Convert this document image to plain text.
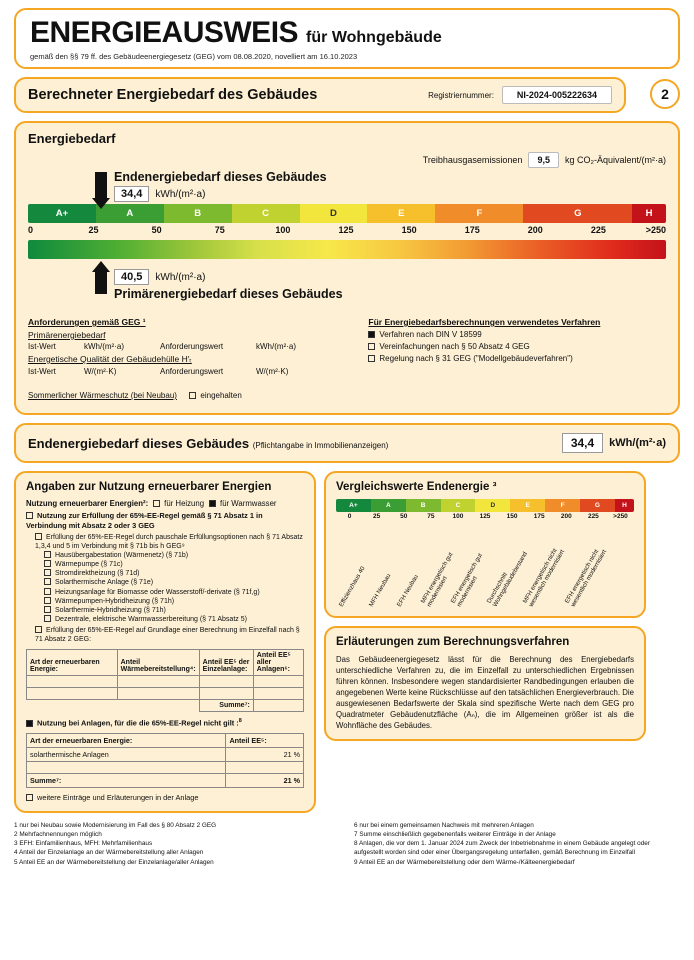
ENERGIEAUSWEIS für Wohngebäude
gemäß den §§ 79 ff. des Gebäudeenergiegesetz (GEG) vom 08.08.2020, novelliert am 16.10.2023
Berechneter Energiebedarf des Gebäudes	Registriernummer:	NI-2024-005222634	2
Energiebedarf
Treibhausgasemissionen	9,5	kg CO₂-Äquivalent/(m²·a)
Endenergiebedarf dieses Gebäudes
34,4	kWh/(m²·a)
A+	A	B	C	D	E	F	G	H
0	25	50	75	100	125	150	175	200	225	>250
40,5	kWh/(m²·a)
Primärenergiebedarf dieses Gebäudes
Anforderungen gemäß GEG ¹
Primärenergiebedarf
Ist-Wert	kWh/(m²·a)	Anforderungswert	kWh/(m²·a)
Energetische Qualität der Gebäudehülle H′ₜ
Ist-Wert	W/(m²·K)	Anforderungswert	W/(m²·K)
Sommerlicher Wärmeschutz (bei Neubau)	eingehalten
Für Energiebedarfsberechnungen verwendetes Verfahren
Verfahren nach DIN V 18599
Vereinfachungen nach § 50 Absatz 4 GEG
Regelung nach § 31 GEG ("Modellgebäudeverfahren")
Endenergiebedarf dieses Gebäudes (Pflichtangabe in Immobilienanzeigen)	34,4	kWh/(m²·a)
Angaben zur Nutzung erneuerbarer Energien
Nutzung erneuerbarer Energien²:	für Heizung	für Warmwasser
Nutzung zur Erfüllung der 65%-EE-Regel gemäß § 71 Absatz 1 in Verbindung mit Absatz 2 oder 3 GEG
Erfüllung der 65%-EE-Regel durch pauschale Erfüllungsoptionen nach § 71 Absatz 1,3,4 und 5 im Verbindung mit § 71b bis h GEG⁹
Hausübergabestation (Wärmenetz) (§ 71b)
Wärmepumpe (§ 71c)
Stromdirektheizung (§ 71d)
Solarthermische Anlage (§ 71e)
Heizungsanlage für Biomasse oder Wasserstoff/-derivate (§ 71f,g)
Wärmepumpen-Hybridheizung (§ 71h)
Solarthermie-Hybridheizung (§ 71h)
Dezentrale, elektrische Warmwasserbereitung (§ 71 Absatz 5)
Erfüllung der 65%-EE-Regel auf Grundlage einer Berechnung im Einzelfall nach § 71 Absatz 2 GEG:
Art der erneuerbaren Energie:	Anteil Wärmebereitstellung⁴:	Anteil EE⁵ der Einzelanlage:	Anteil EE⁵ aller Anlagen⁶:

		Summe⁷:	
Nutzung bei Anlagen, für die die 65%-EE-Regel nicht gilt :$^8$
Art der erneuerbaren Energie:	Anteil EE⁵:
solarthermische Anlagen	21 %

Summe⁷:	21 %
weitere Einträge und Erläuterungen in der Anlage
Vergleichswerte Endenergie ³
A+	A	B	C	D	E	F	G	H
0	25	50	75	100	125	150	175	200	225	>250
Effizienzhaus 40 MFH Neubau EFH Neubau MFH energetisch gut modernisiert EFH energetisch gut modernisiert	Durchschnitt Wohngebäudebestand
MFH energetisch nicht wesentlich modernisiert
EFH energetisch nicht wesentlich modernisiert
Erläuterungen zum Berechnungsverfahren
Das Gebäudeenergiegesetz lässt für die Berechnung des Energiebedarfs unterschiedliche Verfahren zu, die im Einzelfall zu unterschiedlichen Ergebnissen führen können. Insbesondere wegen standardisierter Randbedingungen erlauben die angegebenen Werte keine Rückschlüsse auf den tatsächlichen Energieverbrauch. Die ausgewiesenen Bedarfswerte der Skala sind spezifische Werte nach dem GEG pro Quadratmeter Gebäudenutzfläche (Aₙ), die im Allgemeinen größer ist als die Wohnfläche des Gebäudes.
1 nur bei Neubau sowie Modernisierung im Fall des § 80 Absatz 2 GEG
2 Mehrfachnennungen möglich
3 EFH: Einfamilienhaus, MFH: Mehrfamilienhaus
4 Anteil der Einzelanlage an der Wärmebereitstellung aller Anlagen
5 Anteil EE an der Wärmebereitstellung der Einzelanlage/aller Anlagen
6 nur bei einem gemeinsamen Nachweis mit mehreren Anlagen
7 Summe einschließlich gegebenenfalls weiterer Einträge in der Anlage
8 Anlagen, die vor dem 1. Januar 2024 zum Zweck der Inbetriebnahme in einem Gebäude angelegt oder aufgestellt worden sind oder einer Übergangsregelung unterfallen, gemäß Berechnung im Einzelfall
9 Anteil EE an der Wärmebereitstellung oder dem Wärme-/Kälteenergiebedarf
